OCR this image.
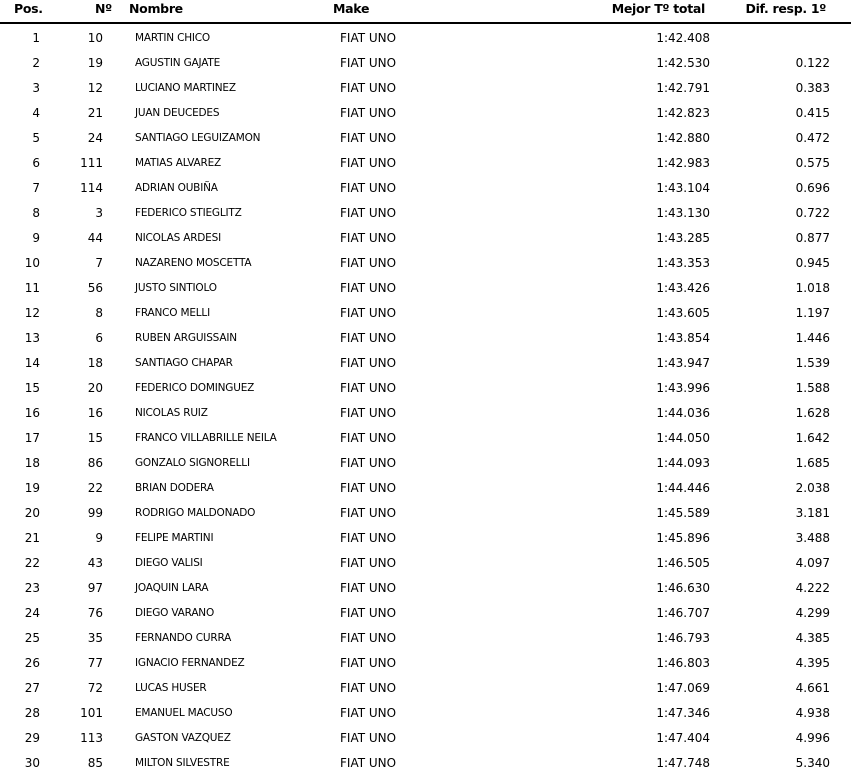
Pos.	Nº Nombre	Make	Mejor Tº total	Dif. resp. 1º
1	10	MARTIN CHICO	FIAT UNO	1:42.408
2	19	AGUSTIN GAJATE	FIAT UNO	1:42.530	0.122
3	12	LUCIANO MARTINEZ	FIAT UNO	1:42.791	0.383
4	21	JUAN DEUCEDES	FIAT UNO	1:42.823	0.415
5	24	SANTIAGO LEGUIZAMON	FIAT UNO	1:42.880	0.472
6	111	MATIAS ALVAREZ	FIAT UNO	1:42.983	0.575
7	114	ADRIAN OUBIÑA	FIAT UNO	1:43.104	0.696
8	3	FEDERICO STIEGLITZ	FIAT UNO	1:43.130	0.722
9	44	NICOLAS ARDESI	FIAT UNO	1:43.285	0.877
10	7	NAZARENO MOSCETTA	FIAT UNO	1:43.353	0.945
11	56	JUSTO SINTIOLO	FIAT UNO	1:43.426	1.018
12	8	FRANCO MELLI	FIAT UNO	1:43.605	1.197
13	6	RUBEN ARGUISSAIN	FIAT UNO	1:43.854	1.446
14	18	SANTIAGO CHAPAR	FIAT UNO	1:43.947	1.539
15	20	FEDERICO DOMINGUEZ	FIAT UNO	1:43.996	1.588
16	16	NICOLAS RUIZ	FIAT UNO	1:44.036	1.628
17	15	FRANCO VILLABRILLE NEILA	FIAT UNO	1:44.050	1.642
18	86	GONZALO SIGNORELLI	FIAT UNO	1:44.093	1.685
19	22	BRIAN DODERA	FIAT UNO	1:44.446	2.038
20	99	RODRIGO MALDONADO	FIAT UNO	1:45.589	3.181
21	9	FELIPE MARTINI	FIAT UNO	1:45.896	3.488
22	43	DIEGO VALISI	FIAT UNO	1:46.505	4.097
23	97	JOAQUIN LARA	FIAT UNO	1:46.630	4.222
24	76	DIEGO VARANO	FIAT UNO	1:46.707	4.299
25	35	FERNANDO CURRA	FIAT UNO	1:46.793	4.385
26	77	IGNACIO FERNANDEZ	FIAT UNO	1:46.803	4.395
27	72	LUCAS HUSER	FIAT UNO	1:47.069	4.661
28	101	EMANUEL MACUSO	FIAT UNO	1:47.346	4.938
29	113	GASTON VAZQUEZ	FIAT UNO	1:47.404	4.996
30	85	MILTON SILVESTRE	FIAT UNO	1:47.748	5.340
